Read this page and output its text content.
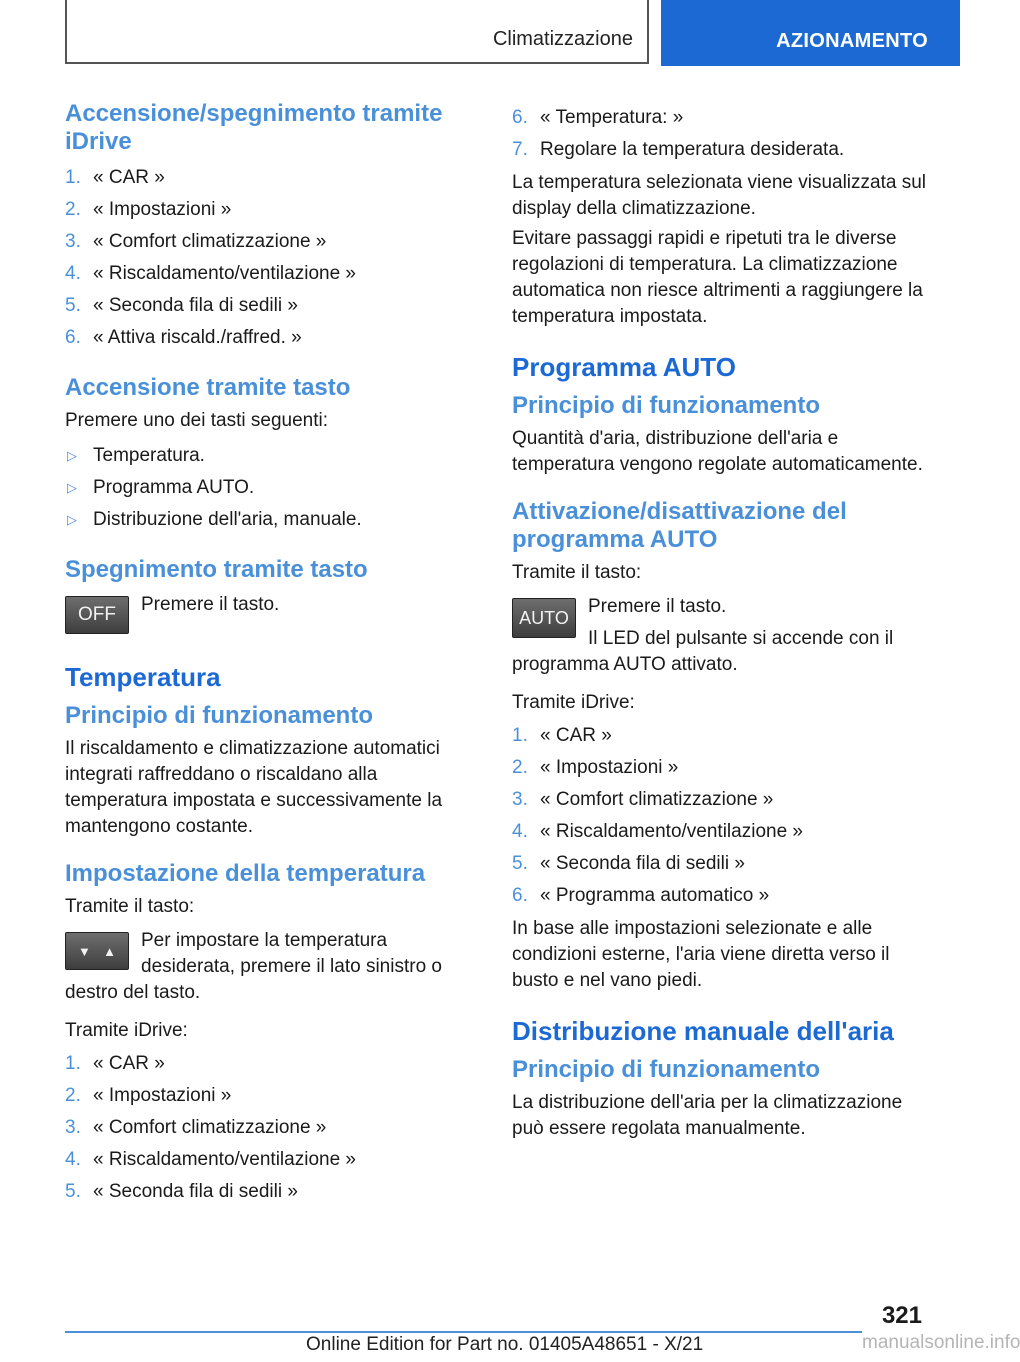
Climatizzazione	AZIONAMENTO
Accensione/spegnimento tramite iDrive
1. « CAR »
2. « Impostazioni »
3. « Comfort climatizzazione »
4. « Riscaldamento/ventilazione »
5. « Seconda fila di sedili »
6. « Attiva riscald./raffred. »
Accensione tramite tasto

Premere uno dei tasti seguenti:

▷ Temperatura.
▷ Programma AUTO.
▷ Distribuzione dell'aria, manuale.
Spegnimento tramite tasto
OFF	Premere il tasto.

Temperatura
Principio di funzionamento

Il riscaldamento e climatizzazione automatici integrati raffreddano o riscaldano alla temperatura impostata e successivamente la mantengono costante.

Impostazione della temperatura

Tramite il tasto:

▼ ▲	Per impostare la temperatura desiderata, premere il lato sinistro o destro del tasto.

Tramite iDrive:

1. « CAR »
2. « Impostazioni »
3. « Comfort climatizzazione »
4. « Riscaldamento/ventilazione »
5. « Seconda fila di sedili »
6. « Temperatura: »
7. Regolare la temperatura desiderata.

La temperatura selezionata viene visualizzata sul display della climatizzazione.

Evitare passaggi rapidi e ripetuti tra le diverse regolazioni di temperatura. La climatizzazione automatica non riesce altrimenti a raggiungere la temperatura impostata.

Programma AUTO
Principio di funzionamento

Quantità d'aria, distribuzione dell'aria e temperatura vengono regolate automaticamente.

Attivazione/disattivazione del programma AUTO

Tramite il tasto:

AUTO

Premere il tasto.

Il LED del pulsante si accende con il programma AUTO attivato.

Tramite iDrive:

1. « CAR »
2. « Impostazioni »
3. « Comfort climatizzazione »
4. « Riscaldamento/ventilazione »
5. « Seconda fila di sedili »
6. « Programma automatico »

In base alle impostazioni selezionate e alle condizioni esterne, l'aria viene diretta verso il busto e nel vano piedi.

Distribuzione manuale dell'aria
Principio di funzionamento

La distribuzione dell'aria per la climatizzazione può essere regolata manualmente.

321
Online Edition for Part no. 01405A48651 - X/21	manualsonline.info
